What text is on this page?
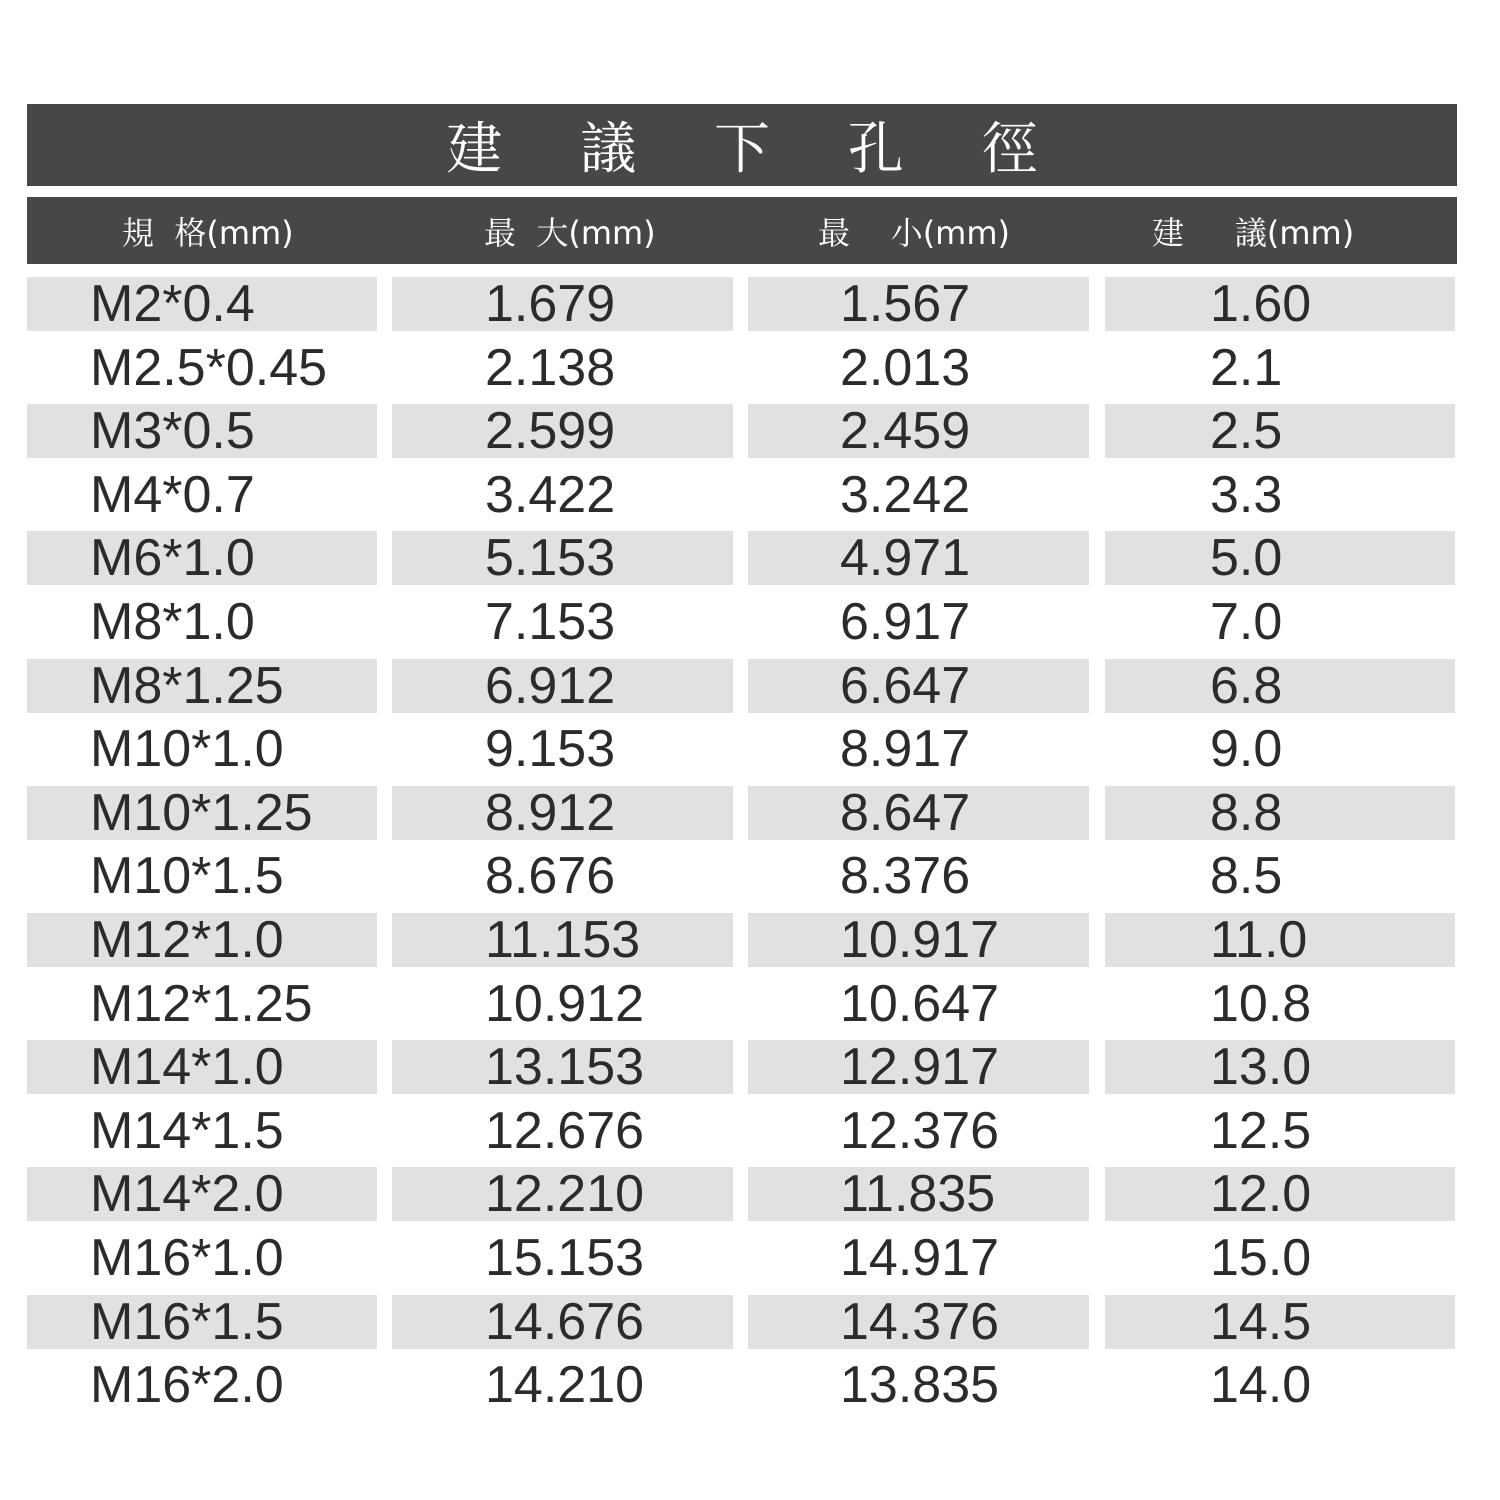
建 議 下 孔 徑
規  格(mm)	最  大(mm)	最    小(mm)	建     議(mm)
M2*0.4	1.679	1.567	1.60
M2.5*0.45	2.138	2.013	2.1
M3*0.5	2.599	2.459	2.5
M4*0.7	3.422	3.242	3.3
M6*1.0	5.153	4.971	5.0
M8*1.0	7.153	6.917	7.0
M8*1.25	6.912	6.647	6.8
M10*1.0	9.153	8.917	9.0
M10*1.25	8.912	8.647	8.8
M10*1.5	8.676	8.376	8.5
M12*1.0	11.153	10.917	11.0
M12*1.25	10.912	10.647	10.8
M14*1.0	13.153	12.917	13.0
M14*1.5	12.676	12.376	12.5
M14*2.0	12.210	11.835	12.0
M16*1.0	15.153	14.917	15.0
M16*1.5	14.676	14.376	14.5
M16*2.0	14.210	13.835	14.0
